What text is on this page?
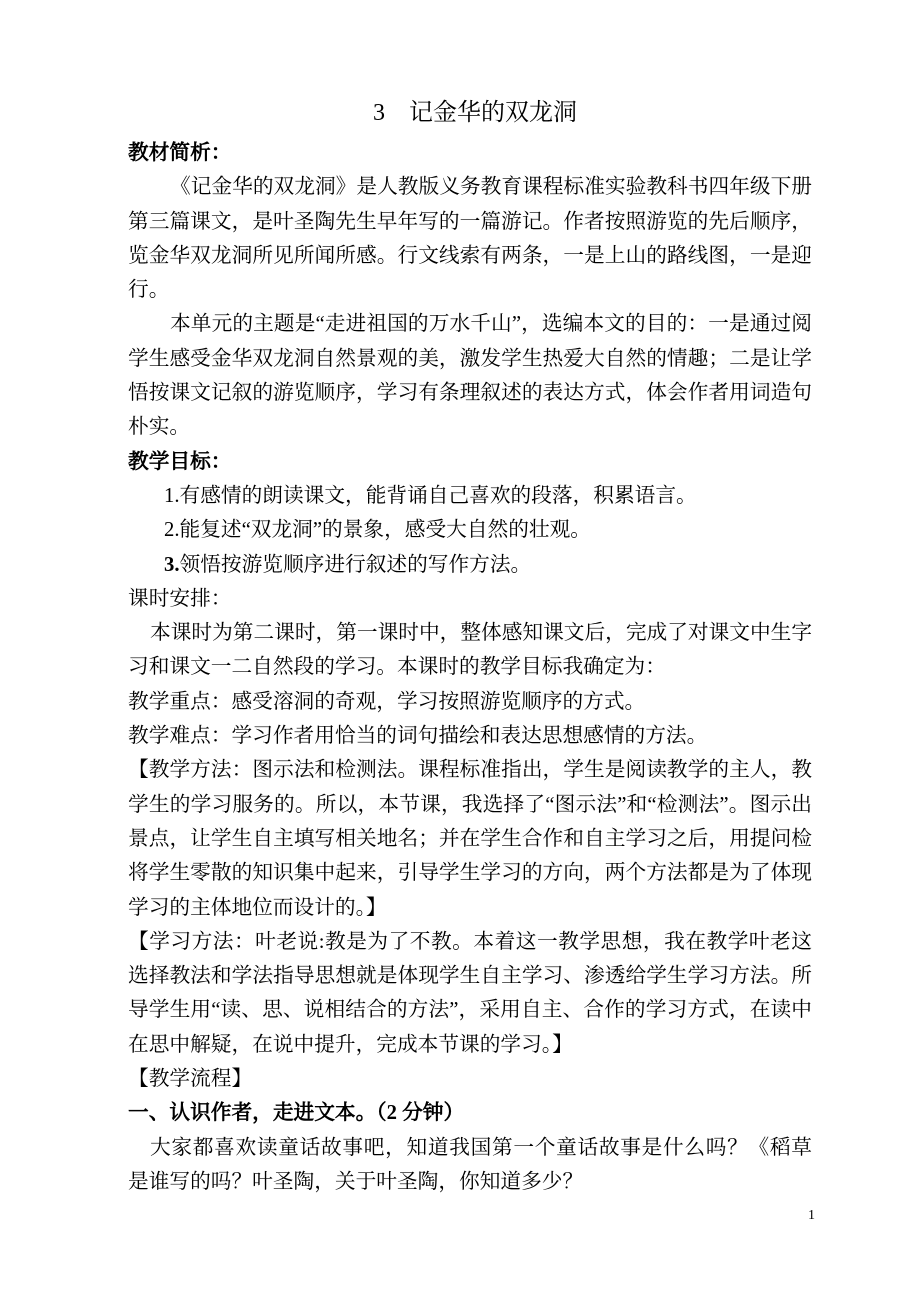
3　记金华的双龙洞
教材简析：
《记金华的双龙洞》是人教版义务教育课程标准实验教科书四年级下册
第三篇课文，是叶圣陶先生早年写的一篇游记。作者按照游览的先后顺序，
览金华双龙洞所见所闻所感。行文线索有两条，一是上山的路线图，一是迎
行。
本单元的主题是“走进祖国的万水千山”，选编本文的目的：一是通过阅
学生感受金华双龙洞自然景观的美，激发学生热爱大自然的情趣；二是让学
悟按课文记叙的游览顺序，学习有条理叙述的表达方式，体会作者用词造句
朴实。
教学目标：
1.有感情的朗读课文，能背诵自己喜欢的段落，积累语言。
2.能复述“双龙洞”的景象，感受大自然的壮观。
3.领悟按游览顺序进行叙述的写作方法。
课时安排：
本课时为第二课时，第一课时中，整体感知课文后，完成了对课文中生字
习和课文一二自然段的学习。本课时的教学目标我确定为：
教学重点：感受溶洞的奇观，学习按照游览顺序的方式。
教学难点：学习作者用恰当的词句描绘和表达思想感情的方法。
【教学方法：图示法和检测法。课程标准指出，学生是阅读教学的主人，教
学生的学习服务的。所以，本节课，我选择了“图示法”和“检测法”。图示出
景点，让学生自主填写相关地名；并在学生合作和自主学习之后，用提问检
将学生零散的知识集中起来，引导学生学习的方向，两个方法都是为了体现
学习的主体地位而设计的。】
【学习方法：叶老说:教是为了不教。本着这一教学思想，我在教学叶老这
选择教法和学法指导思想就是体现学生自主学习、渗透给学生学习方法。所
导学生用“读、思、说相结合的方法”，采用自主、合作的学习方式，在读中
在思中解疑，在说中提升，完成本节课的学习。】
【教学流程】
一、认识作者，走进文本。（2 分钟）
大家都喜欢读童话故事吧，知道我国第一个童话故事是什么吗？《稻草
是谁写的吗？叶圣陶，关于叶圣陶，你知道多少？
1
